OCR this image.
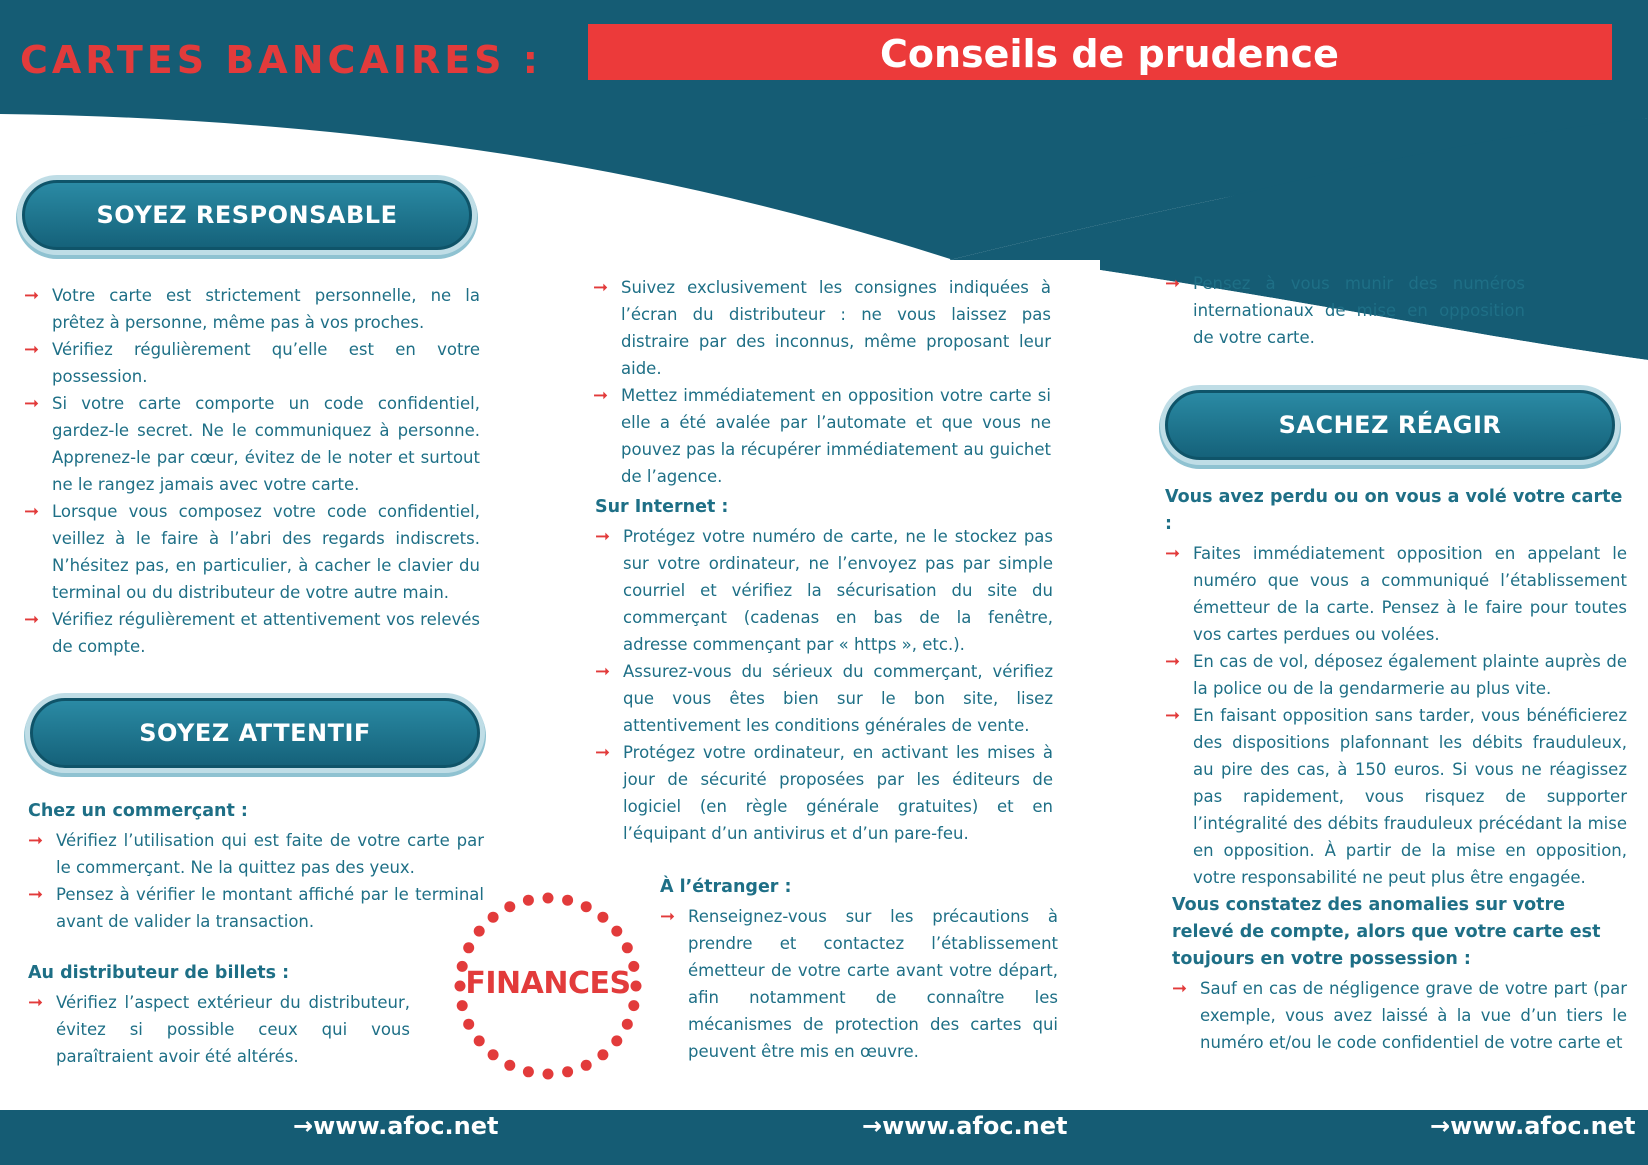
CARTES BANCAIRES :	Conseils de prudence
SOYEZ RESPONSABLE
➞ Votre carte est strictement personnelle, ne la prêtez à personne, même pas à vos proches.
➞ Vérifiez régulièrement qu’elle est en votre possession.
➞ Si votre carte comporte un code confidentiel, gardez-le secret. Ne le communiquez à personne. Apprenez-le par cœur, évitez de le noter et surtout ne le rangez jamais avec votre carte.
➞ Lorsque vous composez votre code confidentiel, veillez à le faire à l’abri des regards indiscrets. N’hésitez pas, en particulier, à cacher le clavier du terminal ou du distributeur de votre autre main.
➞ Vérifiez régulièrement et attentivement vos relevés de compte.
SOYEZ ATTENTIF
Chez un commerçant :
➞ Vérifiez l’utilisation qui est faite de votre carte par le commerçant. Ne la quittez pas des yeux.
➞ Pensez à vérifier le montant affiché par le terminal avant de valider la transaction.
Au distributeur de billets :
➞ Vérifiez l’aspect extérieur du distributeur, évitez si possible ceux qui vous paraîtraient avoir été altérés.
FINANCES
➞ Suivez exclusivement les consignes indiquées à l’écran du distributeur : ne vous laissez pas distraire par des inconnus, même proposant leur aide.
➞ Mettez immédiatement en opposition votre carte si elle a été avalée par l’automate et que vous ne pouvez pas la récupérer immédiatement au guichet de l’agence.
Sur Internet :
➞ Protégez votre numéro de carte, ne le stockez pas sur votre ordinateur, ne l’envoyez pas par simple courriel et vérifiez la sécurisation du site du commerçant (cadenas en bas de la fenêtre, adresse commençant par « https », etc.).
➞ Assurez-vous du sérieux du commerçant, vérifiez que vous êtes bien sur le bon site, lisez attentivement les conditions générales de vente.
➞ Protégez votre ordinateur, en activant les mises à jour de sécurité proposées par les éditeurs de logiciel (en règle générale gratuites) et en l’équipant d’un antivirus et d’un pare-feu.
À l’étranger :
➞ Renseignez-vous sur les précautions à prendre et contactez l’établissement émetteur de votre carte avant votre départ, afin notamment de connaître les mécanismes de protection des cartes qui peuvent être mis en œuvre.
➞ Pensez à vous munir des numéros internationaux de mise en opposition de votre carte.
SACHEZ RÉAGIR
Vous avez perdu ou on vous a volé votre carte :
➞ Faites immédiatement opposition en appelant le numéro que vous a communiqué l’établissement émetteur de la carte. Pensez à le faire pour toutes vos cartes perdues ou volées.
➞ En cas de vol, déposez également plainte auprès de la police ou de la gendarmerie au plus vite.
➞ En faisant opposition sans tarder, vous bénéficierez des dispositions plafonnant les débits frauduleux, au pire des cas, à 150 euros. Si vous ne réagissez pas rapidement, vous risquez de supporter l’intégralité des débits frauduleux précédant la mise en opposition. À partir de la mise en opposition, votre responsabilité ne peut plus être engagée.
Vous constatez des anomalies sur votre relevé de compte, alors que votre carte est toujours en votre possession :
➞ Sauf en cas de négligence grave de votre part (par exemple, vous avez laissé à la vue d’un tiers le numéro et/ou le code confidentiel de votre carte et
→www.afoc.net	→www.afoc.net	→www.afoc.net
